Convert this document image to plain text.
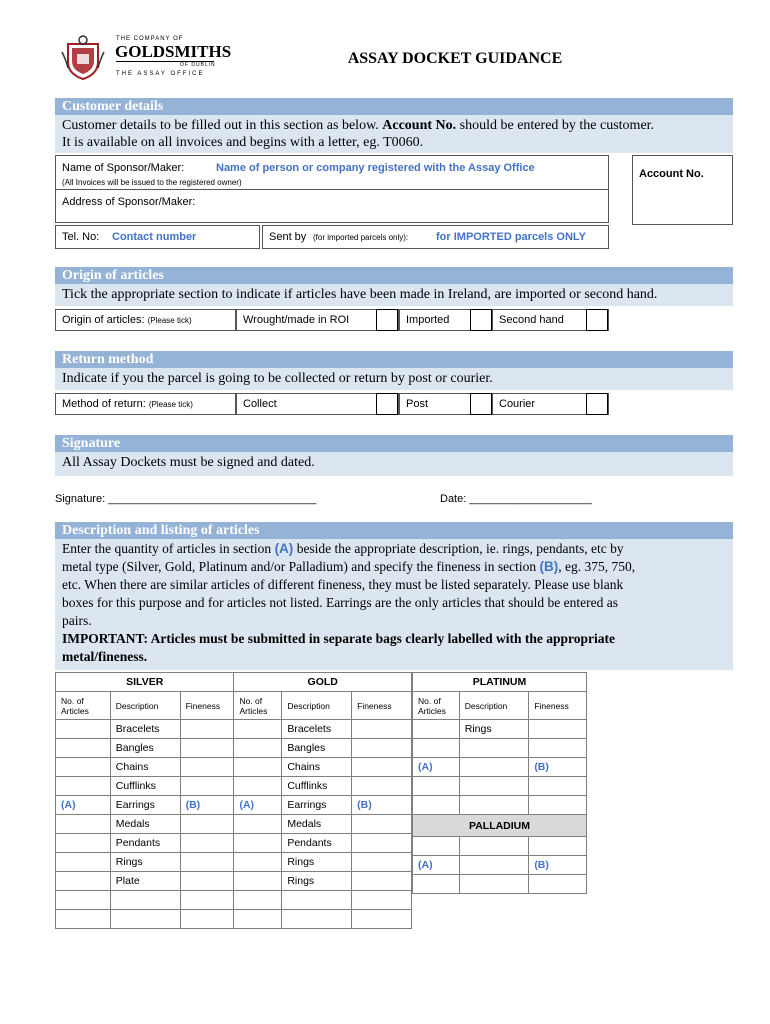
THE COMPANY OF
GOLDSMITHS
OF DUBLIN
THE ASSAY OFFICE
ASSAY DOCKET GUIDANCE
Customer details
Customer details to be filled out in this section as below. Account No. should be entered by the customer.
It is available on all invoices and begins with a letter, eg. T0060.
Name of Sponsor/Maker:	Name of person or company registered with the Assay Office
(All Invoices will be issued to the registered owner)
Account No.
Address of Sponsor/Maker:
Tel. No: Contact number	Sent by (for imported parcels only):	for IMPORTED parcels ONLY
Origin of articles
Tick the appropriate section to indicate if articles have been made in Ireland, are imported or second hand.
Origin of articles: (Please tick)	Wrought/made in ROI	Imported	Second hand
Return method
Indicate if you the parcel is going to be collected or return by post or courier.
Method of return: (Please tick)	Collect	Post	Courier
Signature
All Assay Dockets must be signed and dated.
Signature: __________________________________	Date: ____________________
Description and listing of articles
Enter the quantity of articles in section (A) beside the appropriate description, ie. rings, pendants, etc by
metal type (Silver, Gold, Platinum and/or Palladium) and specify the fineness in section (B), eg. 375, 750,
etc. When there are similar articles of different fineness, they must be listed separately. Please use blank
boxes for this purpose and for articles not listed. Earrings are the only articles that should be entered as
pairs.
IMPORTANT: Articles must be submitted in separate bags clearly labelled with the appropriate
metal/fineness.
SILVER			GOLD		
No. of Articles	Description	Fineness	No. of Articles	Description	Fineness
	Bracelets			Bracelets	
	Bangles			Bangles	
	Chains			Chains	
	Cufflinks			Cufflinks	
(A)	Earrings	(B)	(A)	Earrings	(B)
	Medals			Medals	
	Pendants			Pendants	
	Rings			Rings	
	Plate			Rings	

PLATINUM		
No. of Articles	Description	Fineness
	Rings	

(A)		(B)

PALLADIUM		

(A)		(B)
